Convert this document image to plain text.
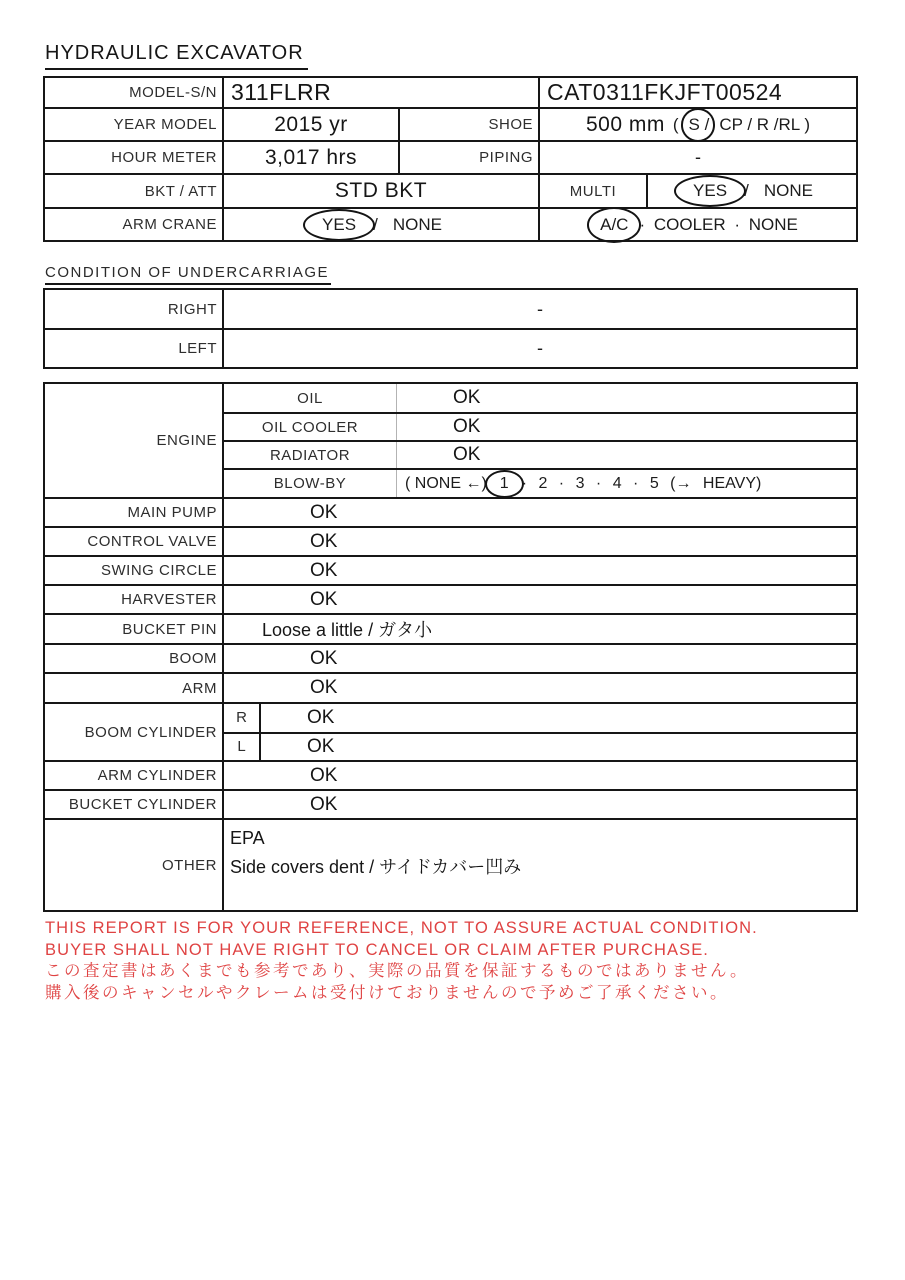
HYDRAULIC EXCAVATOR
MODEL-S/N 311FLRR	CAT0311FKJFT00524
YEAR MODEL	2015 yr	SHOE	500 mm ( S / CP / R /RL )
HOUR METER	3,017 hrs	PIPING	-
BKT / ATT	STD BKT	MULTI	YES / NONE
ARM CRANE	YES / NONE	A/C · COOLER · NONE
CONDITION OF UNDERCARRIAGE
RIGHT	-
LEFT	-
ENGINE
OIL	OK
OIL COOLER	OK
RADIATOR	OK
BLOW-BY	( NONE ←) 1 · 2 · 3 · 4 · 5 (→ HEAVY)
MAIN PUMP	OK
CONTROL VALVE	OK
SWING CIRCLE	OK
HARVESTER	OK
BUCKET PIN	Loose a little / ガタ小
BOOM	OK
ARM	OK
BOOM CYLINDER
R	OK
L	OK
ARM CYLINDER	OK
BUCKET CYLINDER	OK
OTHER
EPA
Side covers dent / サイドカバー凹み
THIS REPORT IS FOR YOUR REFERENCE, NOT TO ASSURE ACTUAL CONDITION.
BUYER SHALL NOT HAVE RIGHT TO CANCEL OR CLAIM AFTER PURCHASE.
この査定書はあくまでも参考であり、実際の品質を保証するものではありません。
購入後のキャンセルやクレームは受付けておりませんので予めご了承ください。
